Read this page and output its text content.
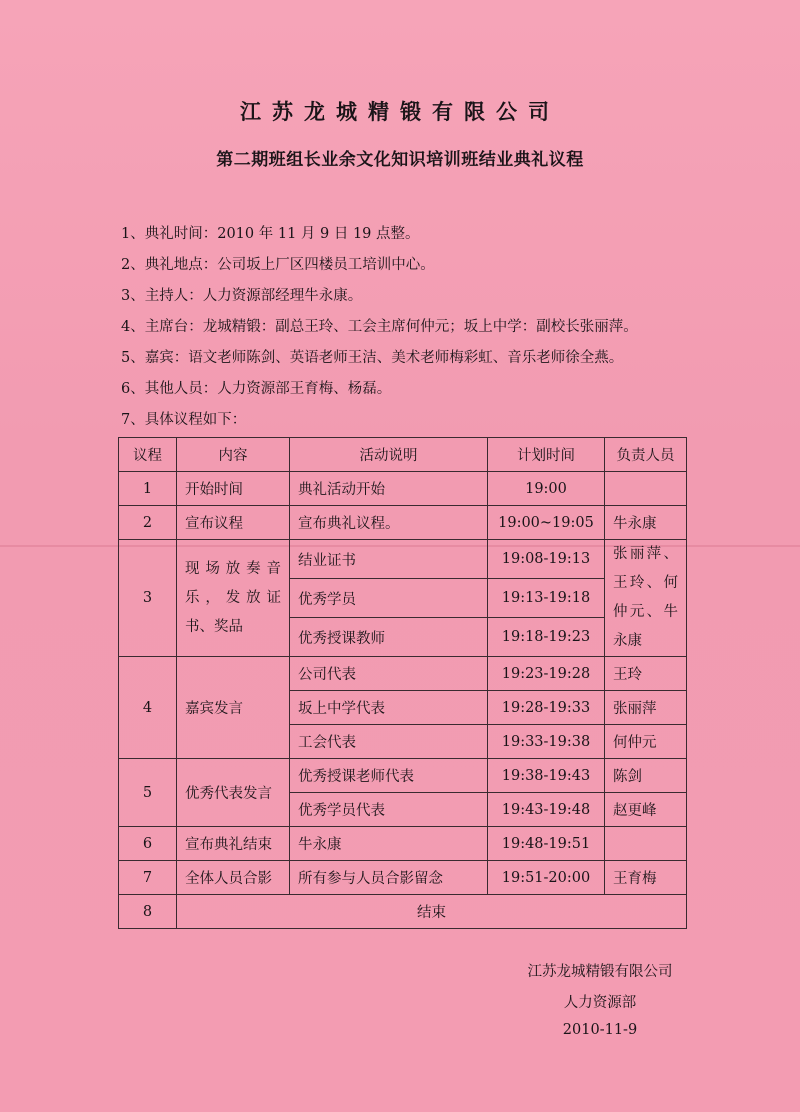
江苏龙城精锻有限公司
第二期班组长业余文化知识培训班结业典礼议程
1、典礼时间：2010 年 11 月 9 日 19 点整。
2、典礼地点：公司坂上厂区四楼员工培训中心。
3、主持人：人力资源部经理牛永康。
4、主席台：龙城精锻：副总王玲、工会主席何仲元；坂上中学：副校长张丽萍。
5、嘉宾：语文老师陈剑、英语老师王洁、美术老师梅彩虹、音乐老师徐全燕。
6、其他人员：人力资源部王育梅、杨磊。
7、具体议程如下：
议程	内容	活动说明	计划时间	负责人员
1	开始时间	典礼活动开始	19:00	
2	宣布议程	宣布典礼议程。	19:00~19:05	牛永康
3	现场放奏音乐，发放证书、奖品	结业证书	19:08-19:13	张丽萍、王玲、何仲元、牛永康
		优秀学员	19:13-19:18	
		优秀授课教师	19:18-19:23	
4	嘉宾发言	公司代表	19:23-19:28	王玲
		坂上中学代表	19:28-19:33	张丽萍
		工会代表	19:33-19:38	何仲元
5	优秀代表发言	优秀授课老师代表	19:38-19:43	陈剑
		优秀学员代表	19:43-19:48	赵更峰
6	宣布典礼结束	牛永康	19:48-19:51	
7	全体人员合影	所有参与人员合影留念	19:51-20:00	王育梅
8	结束			
江苏龙城精锻有限公司
人力资源部
2010-11-9
